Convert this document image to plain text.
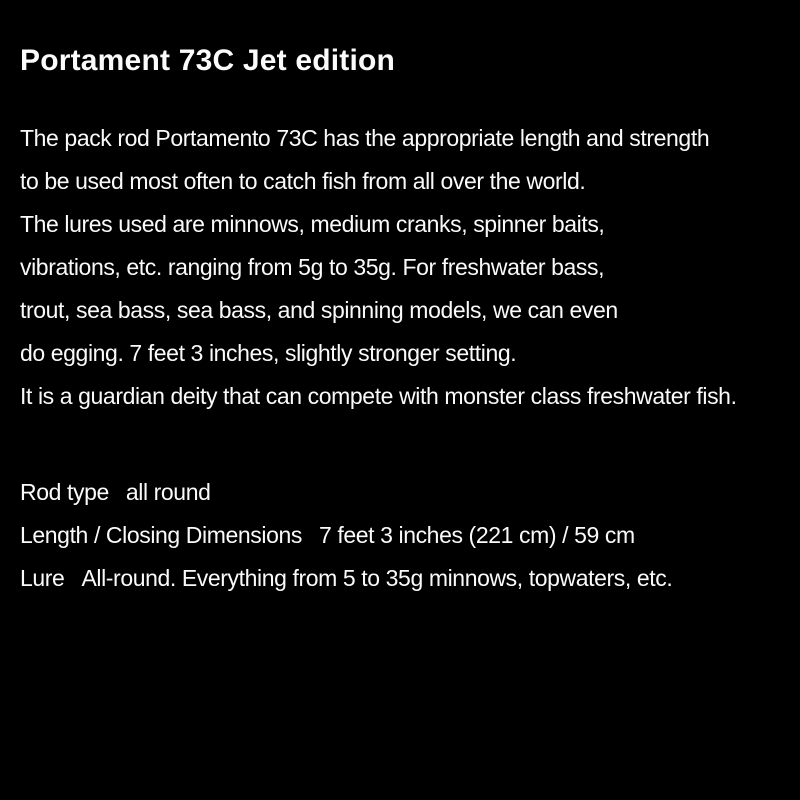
Portament 73C Jet edition
The pack rod Portamento 73C has the appropriate length and strength
to be used most often to catch fish from all over the world.
The lures used are minnows, medium cranks, spinner baits,
vibrations, etc. ranging from 5g to 35g. For freshwater bass,
trout, sea bass, sea bass, and spinning models, we can even
do egging. 7 feet 3 inches, slightly stronger setting.
It is a guardian deity that can compete with monster class freshwater fish.
Rod type all round
Length / Closing Dimensions 7 feet 3 inches (221 cm) / 59 cm
Lure All-round. Everything from 5 to 35g minnows, topwaters, etc.
